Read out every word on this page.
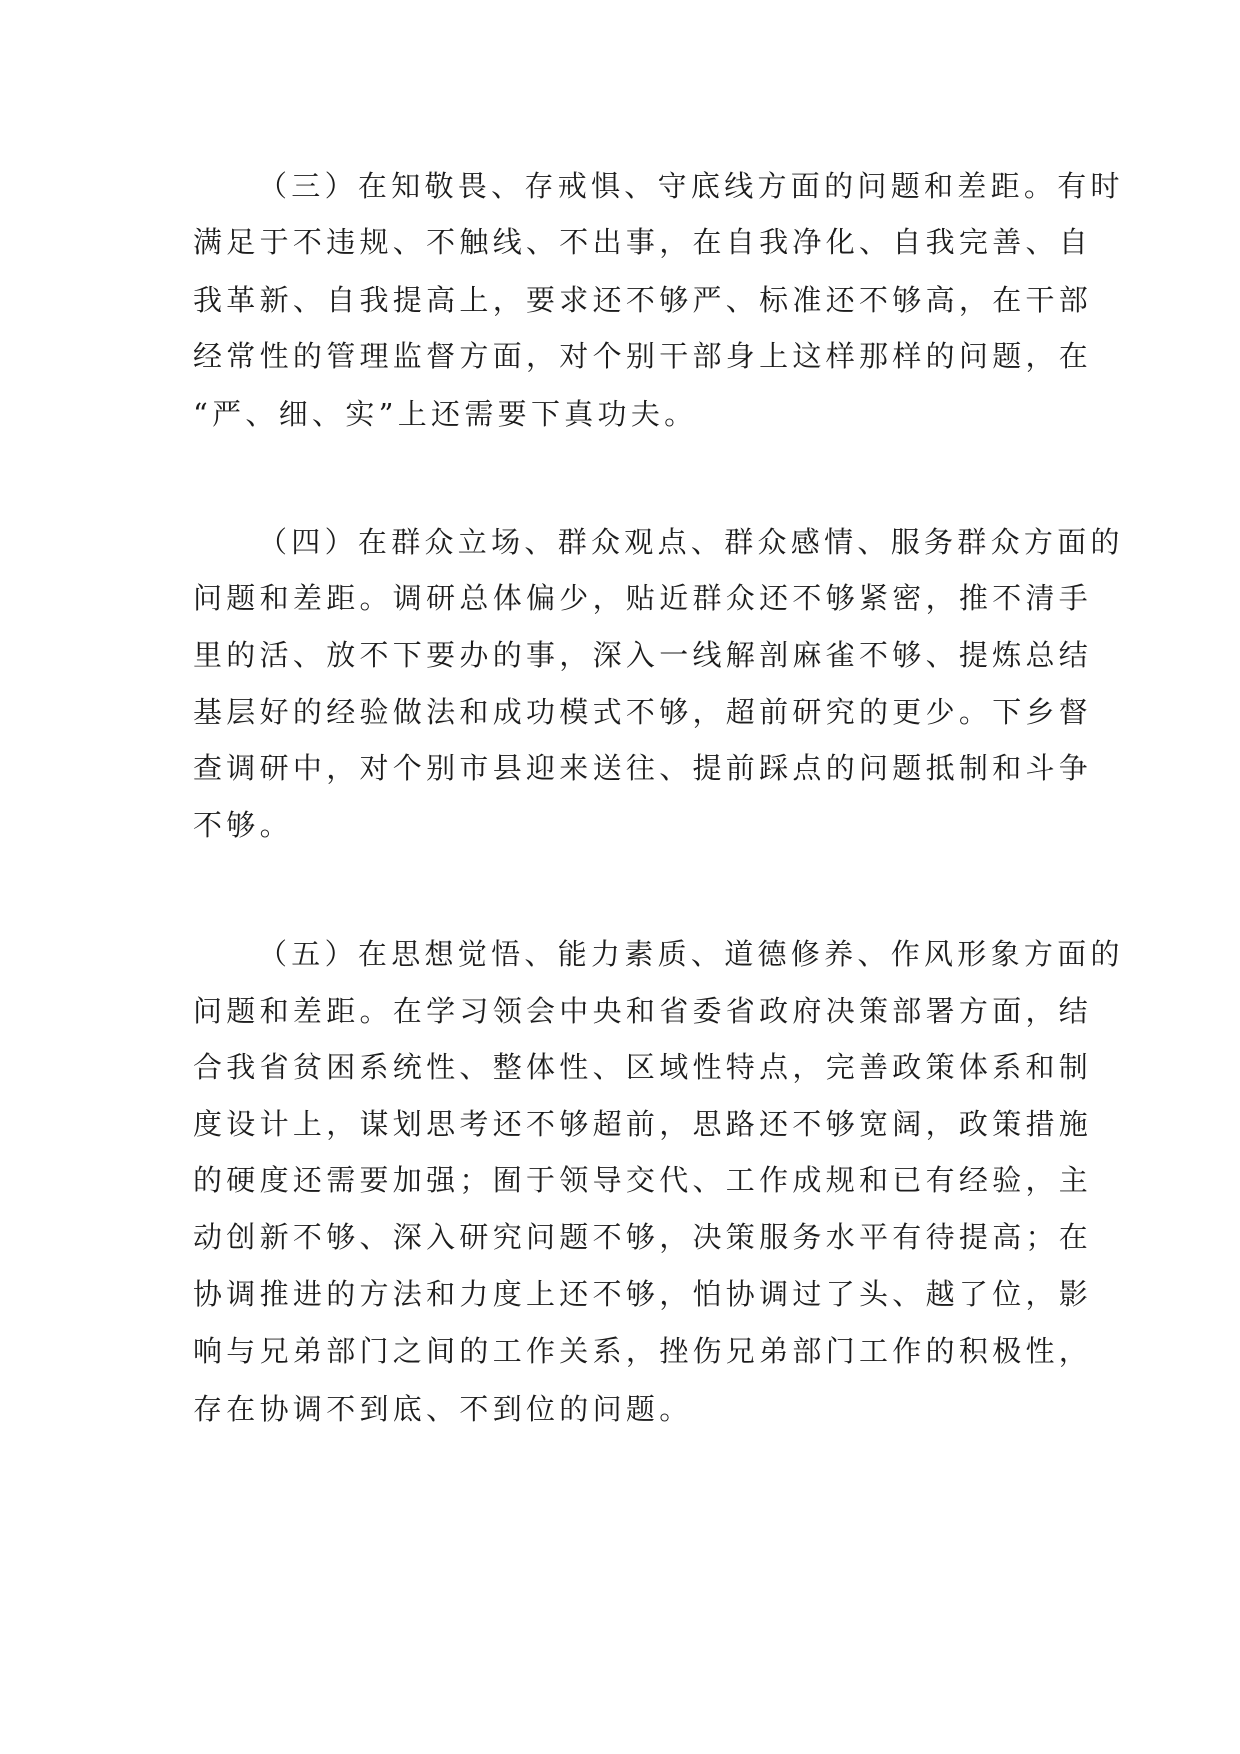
（三）在知敬畏、存戒惧、守底线方面的问题和差距。有时

满足于不违规、不触线、不出事，在自我净化、自我完善、自

我革新、自我提高上，要求还不够严、标准还不够高，在干部

经常性的管理监督方面，对个别干部身上这样那样的问题，在

“严、细、实”上还需要下真功夫。

（四）在群众立场、群众观点、群众感情、服务群众方面的

问题和差距。调研总体偏少，贴近群众还不够紧密，推不清手

里的活、放不下要办的事，深入一线解剖麻雀不够、提炼总结

基层好的经验做法和成功模式不够，超前研究的更少。下乡督

查调研中，对个别市县迎来送往、提前踩点的问题抵制和斗争

不够。

（五）在思想觉悟、能力素质、道德修养、作风形象方面的

问题和差距。在学习领会中央和省委省政府决策部署方面，结

合我省贫困系统性、整体性、区域性特点，完善政策体系和制

度设计上，谋划思考还不够超前，思路还不够宽阔，政策措施

的硬度还需要加强；囿于领导交代、工作成规和已有经验，主

动创新不够、深入研究问题不够，决策服务水平有待提高；在

协调推进的方法和力度上还不够，怕协调过了头、越了位，影

响与兄弟部门之间的工作关系，挫伤兄弟部门工作的积极性，

存在协调不到底、不到位的问题。
